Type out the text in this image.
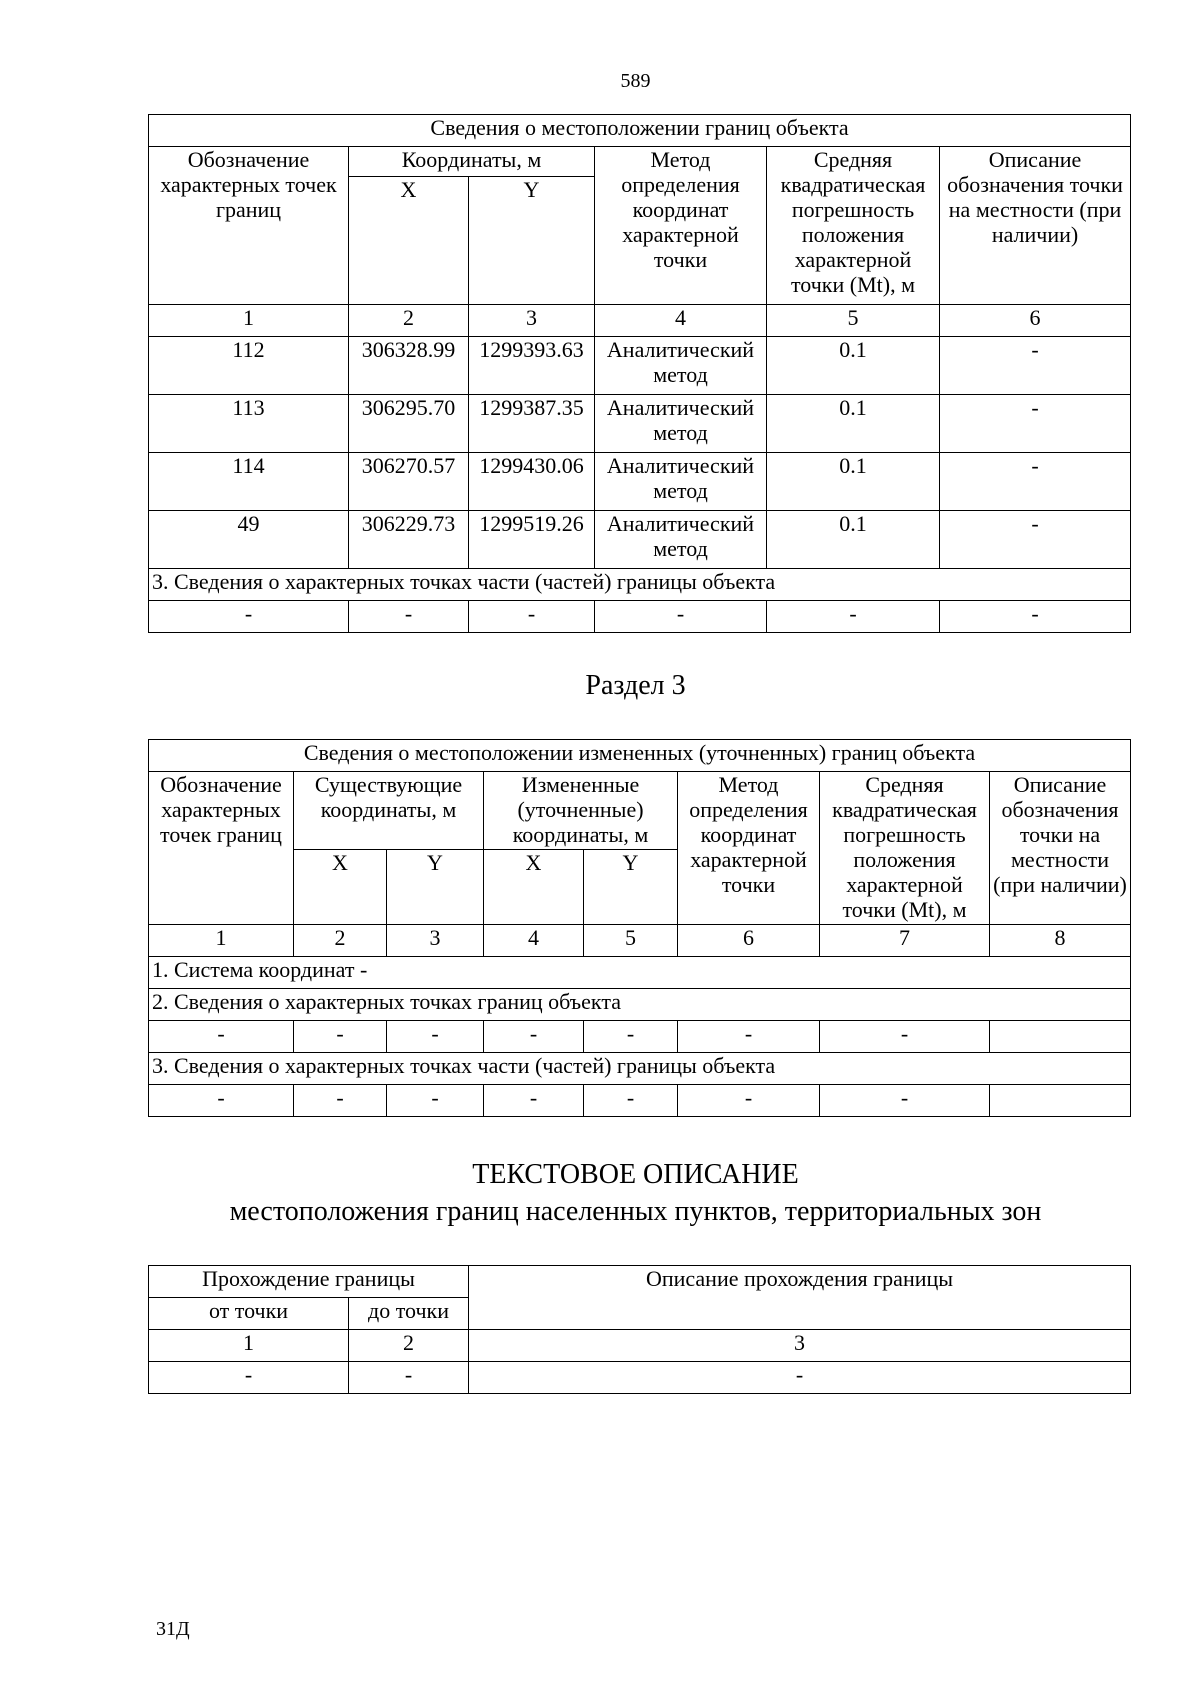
589
Сведения о местоположении границ объекта					
Обозначение характерных точек границ	Координаты, м		Метод определения координат характерной точки	Средняя квадратическая погрешность положения характерной точки (Mt), м	Описание обозначения точки на местности (при наличии)
	X	Y			
1	2	3	4	5	6
112	306328.99	1299393.63	Аналитический метод	0.1	-
113	306295.70	1299387.35	Аналитический метод	0.1	-
114	306270.57	1299430.06	Аналитический метод	0.1	-
49	306229.73	1299519.26	Аналитический метод	0.1	-
3. Сведения о характерных точках части (частей) границы объекта					
-	-	-	-	-	-
Раздел 3
Сведения о местоположении измененных (уточненных) границ объекта							
Обозначение характерных точек границ	Существующие координаты, м		Измененные (уточненные) координаты, м		Метод определения координат характерной точки	Средняя квадратическая погрешность положения характерной точки (Mt), м	Описание обозначения точки на местности (при наличии)
	X	Y	X	Y			
1	2	3	4	5	6	7	8
1. Система координат -							
2. Сведения о характерных точках границ объекта							
-	-	-	-	-	-	-	
3. Сведения о характерных точках части (частей) границы объекта							
-	-	-	-	-	-	-	
ТЕКСТОВОЕ ОПИСАНИЕ
местоположения границ населенных пунктов, территориальных зон
Прохождение границы		Описание прохождения границы
от точки	до точки	
1	2	3
-	-	-
31Д
